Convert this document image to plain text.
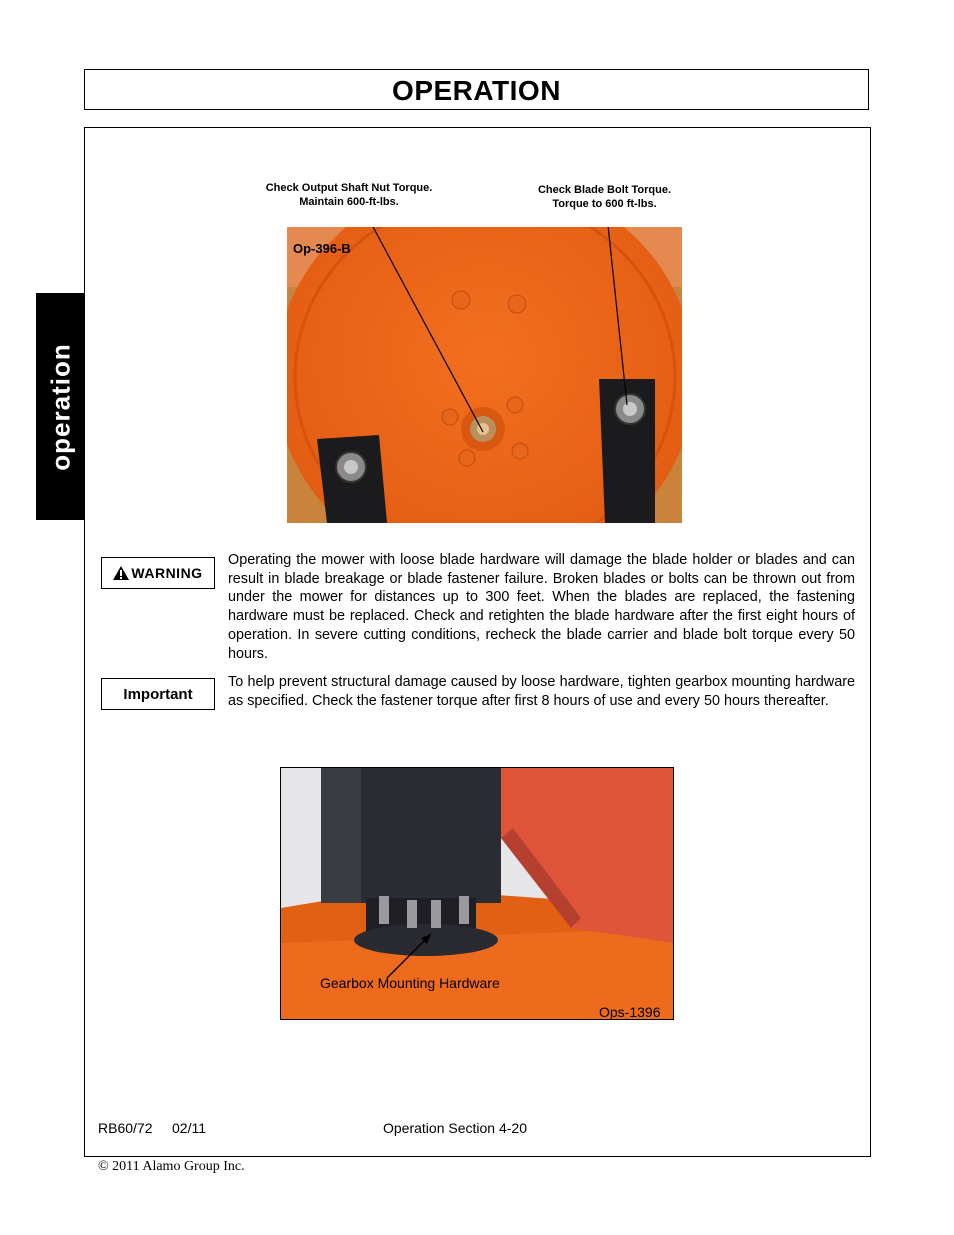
OPERATION
operation
Check Output Shaft Nut Torque.
Maintain 600-ft-lbs.
Check Blade Bolt Torque.
Torque to 600 ft-lbs.
Op-396-B
WARNING
Operating the mower with loose blade hardware will damage the blade holder or blades and can result in blade breakage or blade fastener failure. Broken blades or bolts can be thrown out from under the mower for distances up to 300 feet. When the blades are replaced, the fastening hardware must be replaced. Check and retighten the blade hardware after the first eight hours of operation. In severe cutting conditions, recheck the blade carrier and blade bolt torque every 50 hours.
Important
To help prevent structural damage caused by loose hardware, tighten gearbox mounting hardware as specified. Check the fastener torque after first 8 hours of use and every 50 hours thereafter.
Gearbox Mounting Hardware
Ops-1396
RB60/72 02/11	Operation Section 4-20
© 2011 Alamo Group Inc.
